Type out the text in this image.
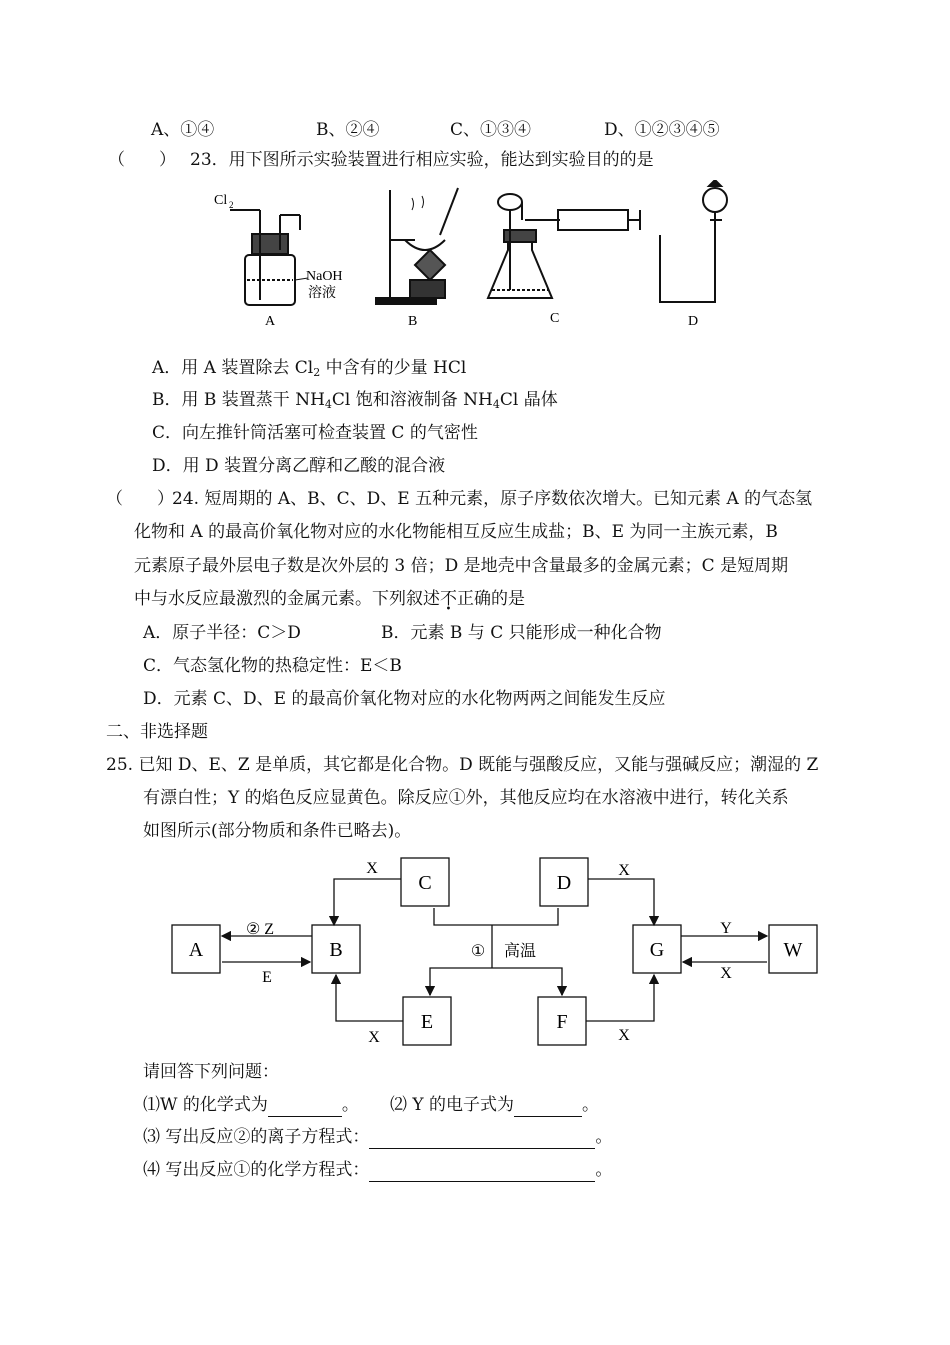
A、①④	B、②④	C、①③④	D、①②③④⑤
（　　） 23．用下图所示实验装置进行相应实验，能达到实验目的的是
Cl 2
NaOH
溶液
A	B	C	D
A．用 A 装置除去 $Cl_2$ 中含有的少量 HCl
B．用 B 装置蒸干 $NH_4Cl$ 饱和溶液制备 $NH_4Cl$ 晶体
C．向左推针筒活塞可检查装置 C 的气密性
D．用 D 装置分离乙醇和乙酸的混合液
（　　）
24. 短周期的 A、B、C、D、E 五种元素，原子序数依次增大。已知元素 A 的气态氢
化物和 A 的最高价氧化物对应的水化物能相互反应生成盐；B、E 为同一主族元素，B
元素原子最外层电子数是次外层的 3 倍；D 是地壳中含量最多的金属元素；C 是短周期
中与水反应最激烈的金属元素。下列叙述不正确的是
A．原子半径：C＞D	B．元素 B 与 C 只能形成一种化合物
C．气态氢化物的热稳定性：E＜B
D．元素 C、D、E 的最高价氧化物对应的水化物两两之间能发生反应
二、非选择题
25. 已知 D、E、Z 是单质，其它都是化合物。D 既能与强酸反应，又能与强碱反应；潮湿的 Z
有漂白性；Y 的焰色反应显黄色。除反应①外，其他反应均在水溶液中进行，转化关系
如图所示(部分物质和条件已略去)。
A	B
C	D
E	F
G	W
X	X
② Z
E
X	X
Y
X
① 高温
请回答下列问题：
⑴W 的化学式为	。 ⑵ Y 的电子式为	。
⑶ 写出反应②的离子方程式：	。
⑷ 写出反应①的化学方程式：	。
